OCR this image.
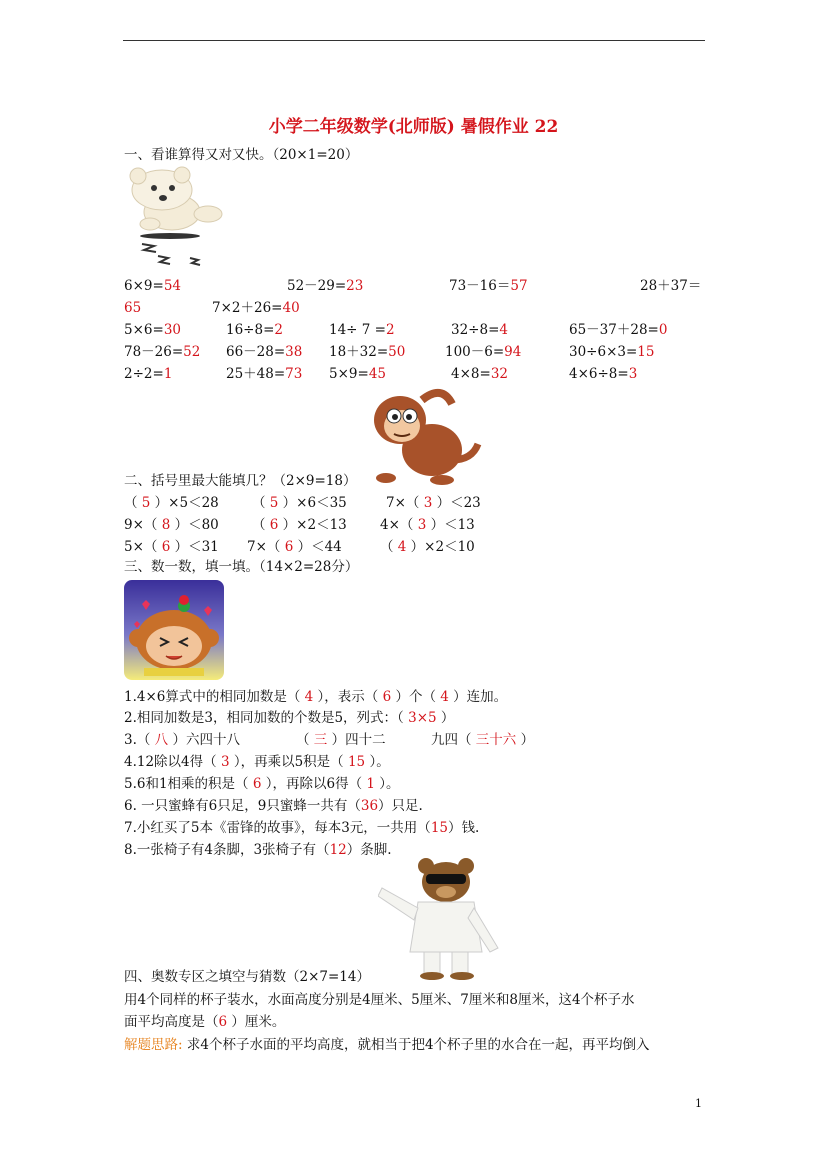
小学二年级数学(北师版) 暑假作业 22
一、看谁算得又对又快。（20×1=20）
6×9=54	52－29=23	73－16＝57	28＋37＝
65	7×2＋26=40
5×6=30	16÷8=2	14÷ 7 =2	32÷8=4	65－37＋28=0
78－26=52 66－28=38 18＋32=50	100－6=94	30÷6×3=15
2÷2=1	25＋48=73 5×9=45	4×8=32	4×6÷8=3
二、括号里最大能填几？（2×9=18）
（ 5 ）×5＜28 （ 5 ）×6＜35	7×（ 3 ）＜23
9×（ 8 ）＜80 （ 6 ）×2＜13 4×（ 3 ）＜13
5×（ 6 ）＜31 7×（ 6 ）＜44	（ 4 ）×2＜10
三、数一数，填一填。（14×2=28分）
1.4×6算式中的相同加数是（ 4 ），表示（ 6 ）个（ 4 ）连加。
2.相同加数是3，相同加数的个数是5，列式：（ 3×5 ）
3.（ 八 ）六四十八	（ 三 ）四十二	九四（ 三十六 ）
4.12除以4得（ 3 ），再乘以5积是（ 15 ）。
5.6和1相乘的积是（ 6 ），再除以6得（ 1 ）。
6. 一只蜜蜂有6只足，9只蜜蜂一共有（36）只足.
7.小红买了5本《雷锋的故事》，每本3元，一共用（15）钱.
8.一张椅子有4条脚，3张椅子有（12）条脚.
四、奥数专区之填空与猜数（2×7=14）
用4个同样的杯子装水，水面高度分别是4厘米、5厘米、7厘米和8厘米，这4个杯子水
面平均高度是（6 ）厘米。
解题思路: 求4个杯子水面的平均高度，就相当于把4个杯子里的水合在一起，再平均倒入
1
